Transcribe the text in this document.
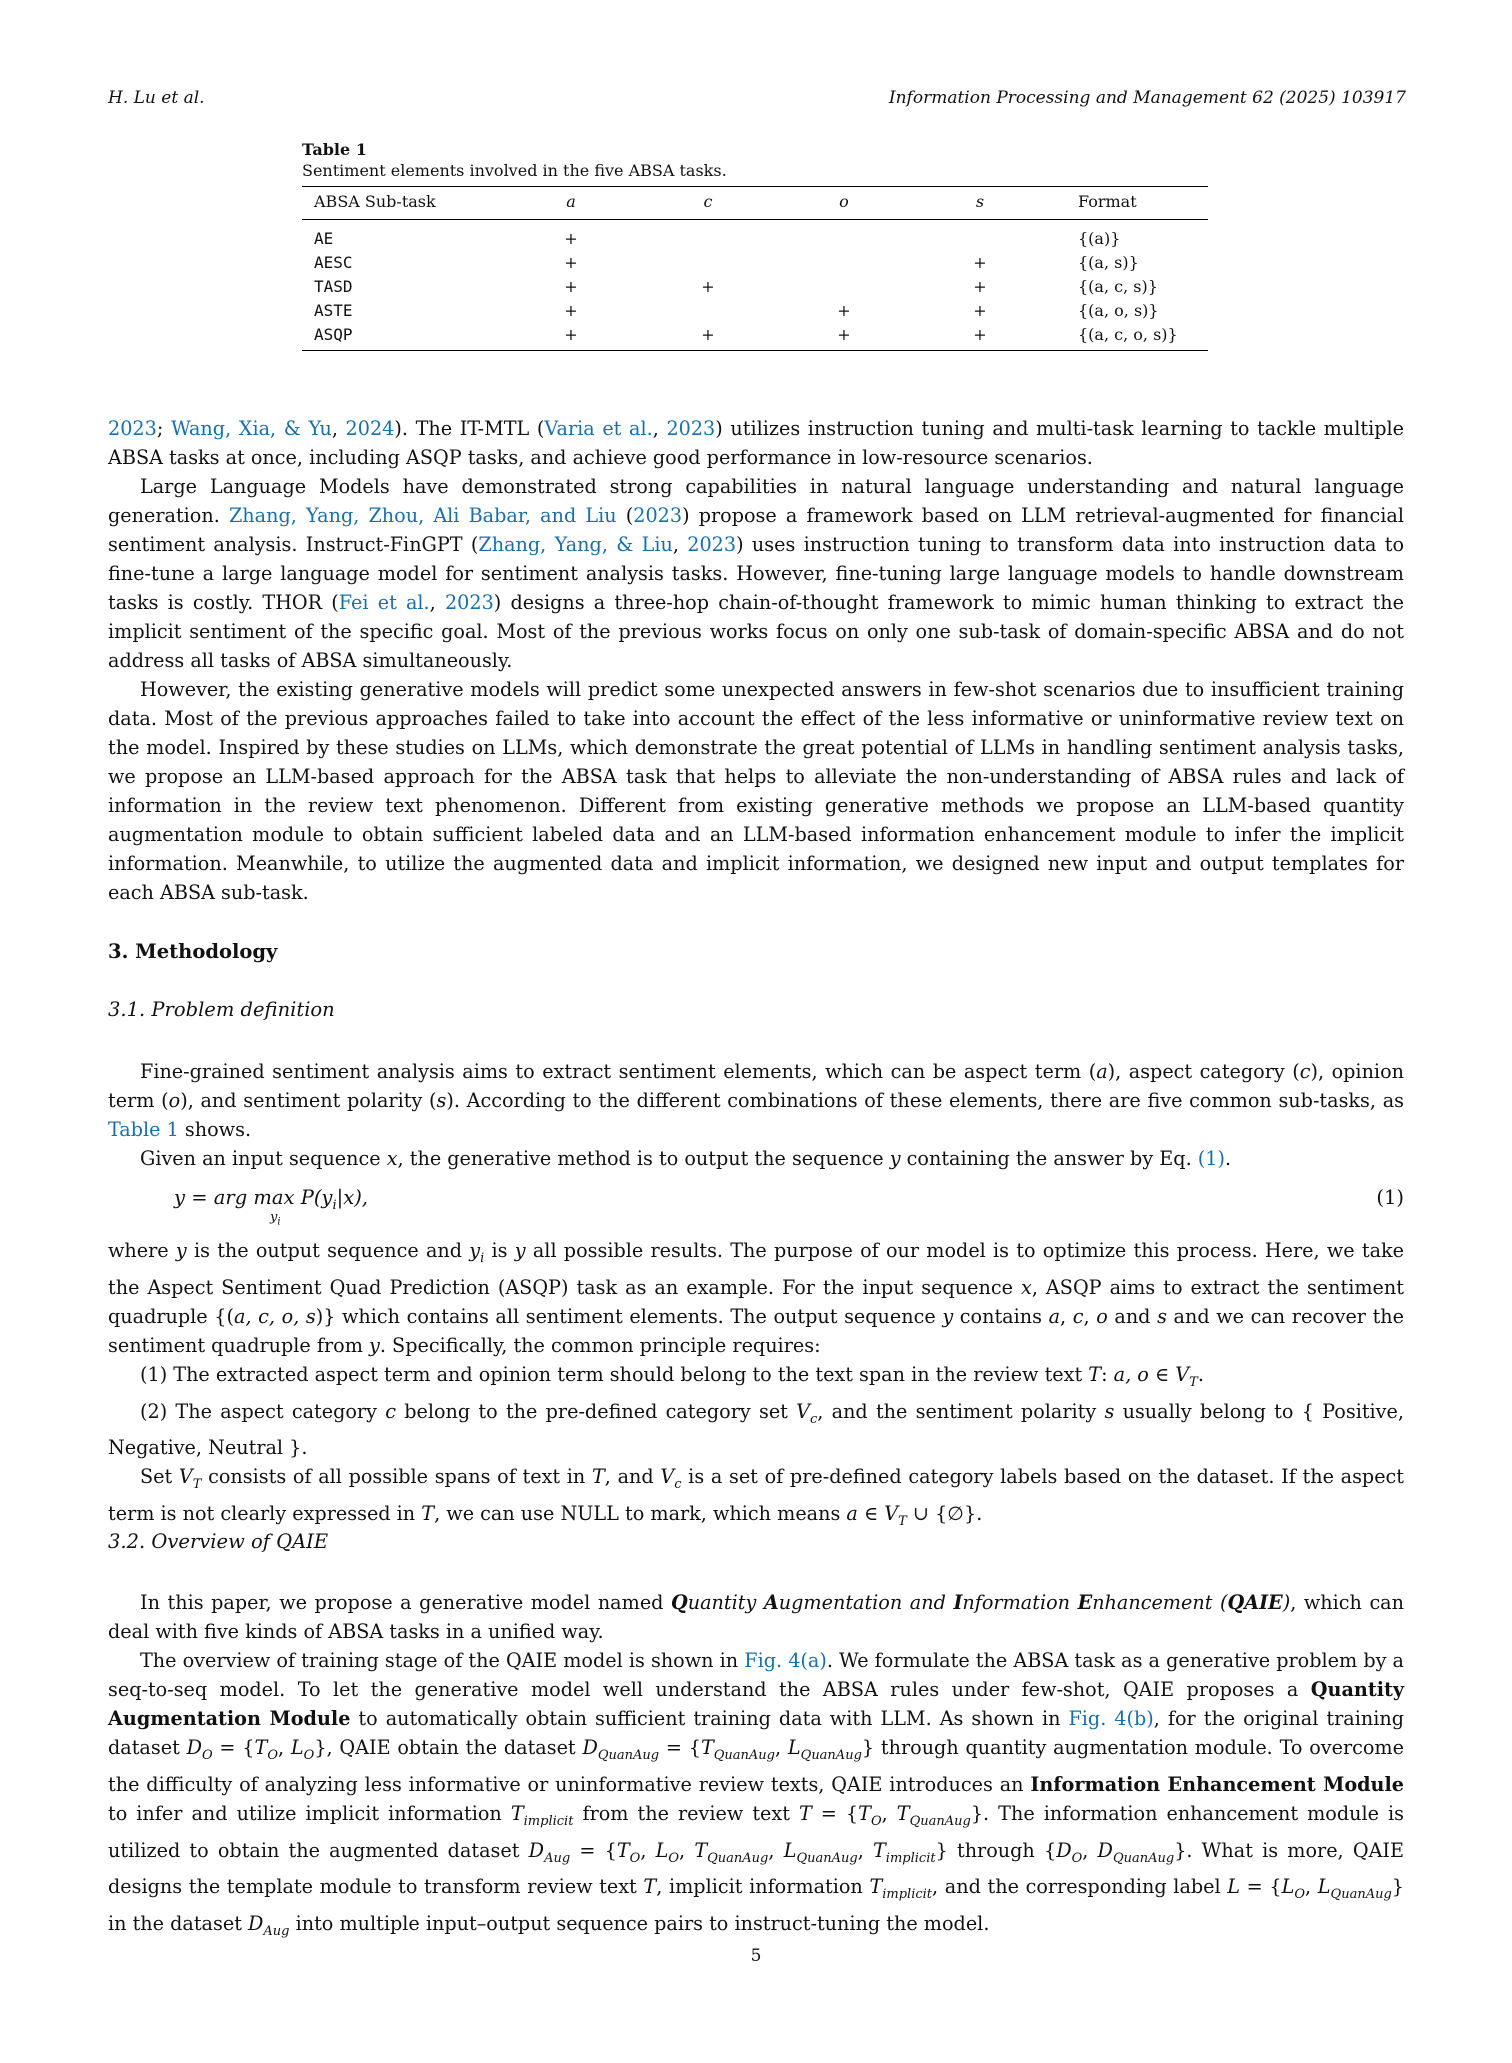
H. Lu et al.	Information Processing and Management 62 (2025) 103917
Table 1
Sentiment elements involved in the five ABSA tasks.
ABSA Sub-task	a	c	o	s	Format
AE	+				{(a)}
AESC	+			+	{(a, s)}
TASD	+	+		+	{(a, c, s)}
ASTE	+		+	+	{(a, o, s)}
ASQP	+	+	+	+	{(a, c, o, s)}

2023; Wang, Xia, & Yu, 2024). The IT-MTL (Varia et al., 2023) utilizes instruction tuning and multi-task learning to tackle multiple ABSA tasks at once, including ASQP tasks, and achieve good performance in low-resource scenarios.

Large Language Models have demonstrated strong capabilities in natural language understanding and natural language generation. Zhang, Yang, Zhou, Ali Babar, and Liu (2023) propose a framework based on LLM retrieval-augmented for financial sentiment analysis. Instruct-FinGPT (Zhang, Yang, & Liu, 2023) uses instruction tuning to transform data into instruction data to fine-tune a large language model for sentiment analysis tasks. However, fine-tuning large language models to handle downstream tasks is costly. THOR (Fei et al., 2023) designs a three-hop chain-of-thought framework to mimic human thinking to extract the implicit sentiment of the specific goal. Most of the previous works focus on only one sub-task of domain-specific ABSA and do not address all tasks of ABSA simultaneously.

However, the existing generative models will predict some unexpected answers in few-shot scenarios due to insufficient training data. Most of the previous approaches failed to take into account the effect of the less informative or uninformative review text on the model. Inspired by these studies on LLMs, which demonstrate the great potential of LLMs in handling sentiment analysis tasks, we propose an LLM-based approach for the ABSA task that helps to alleviate the non-understanding of ABSA rules and lack of information in the review text phenomenon. Different from existing generative methods we propose an LLM-based quantity augmentation module to obtain sufficient labeled data and an LLM-based information enhancement module to infer the implicit information. Meanwhile, to utilize the augmented data and implicit information, we designed new input and output templates for each ABSA sub-task.

3. Methodology
3.1. Problem definition

Fine-grained sentiment analysis aims to extract sentiment elements, which can be aspect term (a), aspect category (c), opinion term (o), and sentiment polarity (s). According to the different combinations of these elements, there are five common sub-tasks, as Table 1 shows.

Given an input sequence x, the generative method is to output the sequence y containing the answer by Eq. (1).

y = arg max
$y_i$
$P(y_i|x)$,	(1)

where y is the output sequence and $y_i$ is y all possible results. The purpose of our model is to optimize this process. Here, we take the Aspect Sentiment Quad Prediction (ASQP) task as an example. For the input sequence x, ASQP aims to extract the sentiment quadruple {(a, c, o, s)} which contains all sentiment elements. The output sequence y contains a, c, o and s and we can recover the sentiment quadruple from y. Specifically, the common principle requires:

(1) The extracted aspect term and opinion term should belong to the text span in the review text T: a, o ∈ $V_T$.

(2) The aspect category c belong to the pre-defined category set $V_c$, and the sentiment polarity s usually belong to { Positive, Negative, Neutral }.

Set $V_T$ consists of all possible spans of text in T, and $V_c$ is a set of pre-defined category labels based on the dataset. If the aspect term is not clearly expressed in T, we can use NULL to mark, which means a ∈ $V_T$ ∪ {∅}.

3.2. Overview of QAIE

In this paper, we propose a generative model named Quantity Augmentation and Information Enhancement (QAIE), which can deal with five kinds of ABSA tasks in a unified way.

The overview of training stage of the QAIE model is shown in Fig. 4(a). We formulate the ABSA task as a generative problem by a seq-to-seq model. To let the generative model well understand the ABSA rules under few-shot, QAIE proposes a Quantity Augmentation Module to automatically obtain sufficient training data with LLM. As shown in Fig. 4(b), for the original training dataset $D_O = \{T_O$, $L_O$}, QAIE obtain the dataset $D_{QuanAug} = \{T_{QuanAug}$, $L_{QuanAug}$} through quantity augmentation module. To overcome the difficulty of analyzing less informative or uninformative review texts, QAIE introduces an Information Enhancement Module to infer and utilize implicit information $T_{implicit}$ from the review text $T = \{T_O$, $T_{QuanAug}$}. The information enhancement module is utilized to obtain the augmented dataset $D_{Aug} = \{T_O$, $L_O$, $T_{QuanAug}$, $L_{QuanAug}$, $T_{implicit}$} through {$D_O$, $D_{QuanAug}$}. What is more, QAIE designs the template module to transform review text T, implicit information $T_{implicit}$, and the corresponding label $L = \{L_O$, $L_{QuanAug}$} in the dataset $D_{Aug}$ into multiple input–output sequence pairs to instruct-tuning the model.

5
